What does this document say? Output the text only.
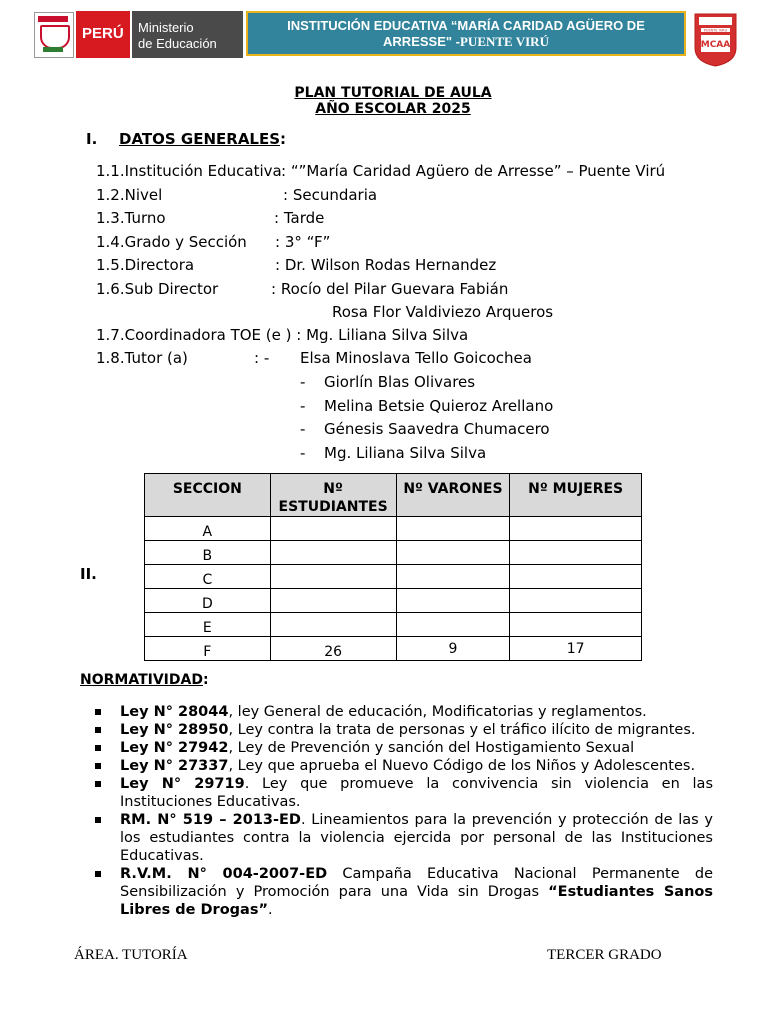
PERÚ Ministerio
de Educación
INSTITUCIÓN EDUCATIVA “MARÍA CARIDAD AGÜERO DE
ARRESSE" -PUENTE VIRÚ	MCAA
PUENTE VIRÚ
PLAN TUTORIAL DE AULA
AÑO ESCOLAR 2025
I. DATOS GENERALES:
1.1.Institución Educativa : “”María Caridad Agüero de Arresse” – Puente Virú
1.2.Nivel	: Secundaria
1.3.Turno	: Tarde
1.4.Grado y Sección : 3° “F”
1.5.Directora	: Dr. Wilson Rodas Hernandez
1.6.Sub Director	: Rocío del Pilar Guevara Fabián
Rosa Flor Valdiviezo Arqueros
1.7.Coordinadora TOE (e ) : Mg. Liliana Silva Silva
1.8.Tutor (a)	: - Elsa Minoslava Tello Goicochea
- Giorlín Blas Olivares
- Melina Betsie Quieroz Arellano
- Génesis Saavedra Chumacero
- Mg. Liliana Silva Silva
II.
SECCION	Nº ESTUDIANTES	Nº VARONES	Nº MUJERES
A			
B			
C			
D			
E			
F	26	9	17
NORMATIVIDAD:
Ley N° 28044, ley General de educación, Modificatorias y reglamentos.
Ley N° 28950, Ley contra la trata de personas y el tráfico ilícito de migrantes.
Ley N° 27942, Ley de Prevención y sanción del Hostigamiento Sexual
Ley N° 27337, Ley que aprueba el Nuevo Código de los Niños y Adolescentes.
Ley N° 29719. Ley que promueve la convivencia sin violencia en las Instituciones Educativas.
RM. N° 519 – 2013-ED. Lineamientos para la prevención y protección de las y los estudiantes contra la violencia ejercida por personal de las Instituciones Educativas.
R.V.M. N° 004-2007-ED Campaña Educativa Nacional Permanente de Sensibilización y Promoción para una Vida sin Drogas “Estudiantes Sanos Libres de Drogas”.
ÁREA. TUTORÍA	TERCER GRADO
